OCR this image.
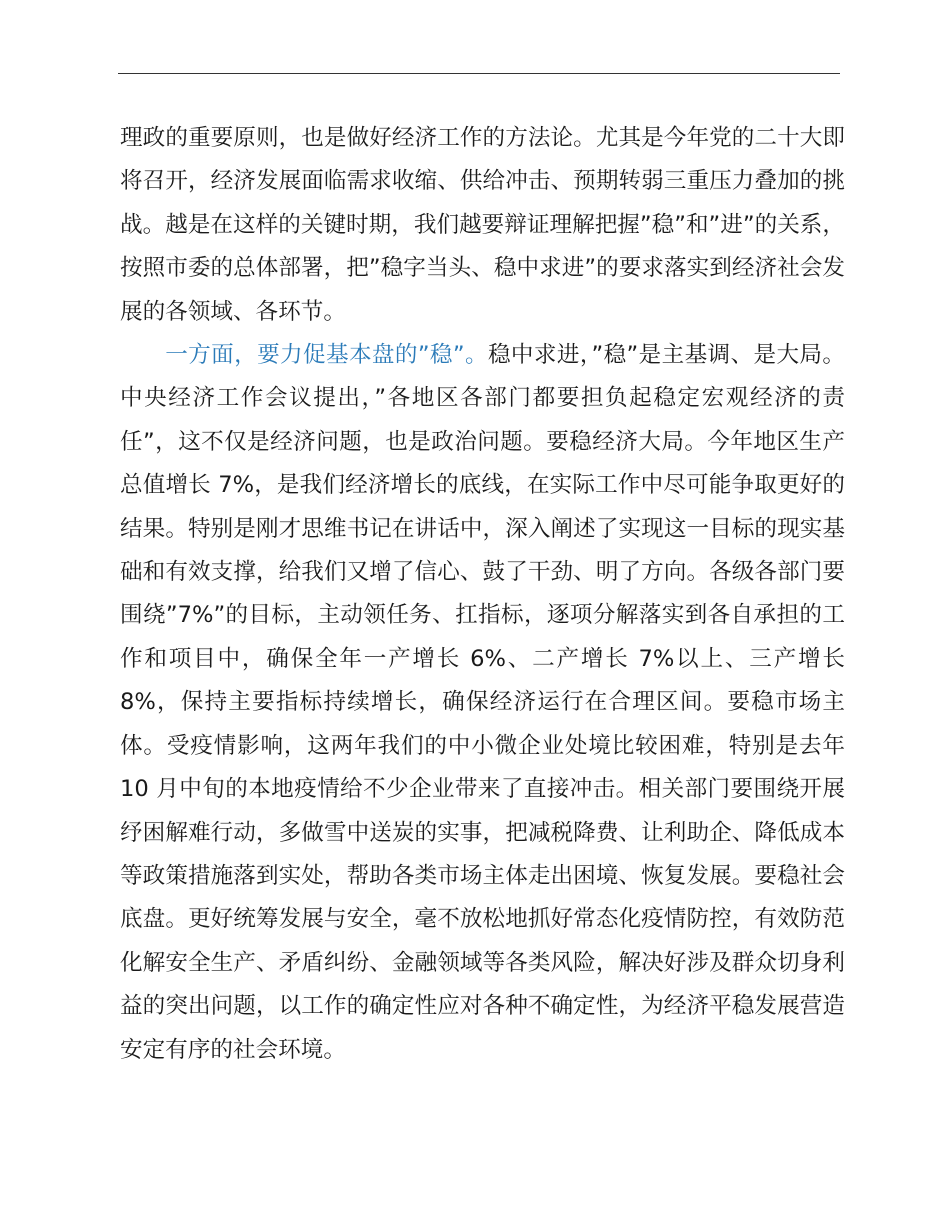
理政的重要原则，也是做好经济工作的方法论。尤其是今年党的二十大即将召开，经济发展面临需求收缩、供给冲击、预期转弱三重压力叠加的挑战。越是在这样的关键时期，我们越要辩证理解把握”稳”和”进”的关系，按照市委的总体部署，把”稳字当头、稳中求进”的要求落实到经济社会发展的各领域、各环节。

一方面，要力促基本盘的”稳”。稳中求进，”稳”是主基调、是大局。中央经济工作会议提出，”各地区各部门都要担负起稳定宏观经济的责任”，这不仅是经济问题，也是政治问题。要稳经济大局。今年地区生产总值增长 7%，是我们经济增长的底线，在实际工作中尽可能争取更好的结果。特别是刚才思维书记在讲话中，深入阐述了实现这一目标的现实基础和有效支撑，给我们又增了信心、鼓了干劲、明了方向。各级各部门要围绕”7%”的目标，主动领任务、扛指标，逐项分解落实到各自承担的工作和项目中，确保全年一产增长 6%、二产增长 7%以上、三产增长 8%，保持主要指标持续增长，确保经济运行在合理区间。要稳市场主体。受疫情影响，这两年我们的中小微企业处境比较困难，特别是去年 10 月中旬的本地疫情给不少企业带来了直接冲击。相关部门要围绕开展纾困解难行动，多做雪中送炭的实事，把减税降费、让利助企、降低成本等政策措施落到实处，帮助各类市场主体走出困境、恢复发展。要稳社会底盘。更好统筹发展与安全，毫不放松地抓好常态化疫情防控，有效防范化解安全生产、矛盾纠纷、金融领域等各类风险，解决好涉及群众切身利益的突出问题，以工作的确定性应对各种不确定性，为经济平稳发展营造安定有序的社会环境。
